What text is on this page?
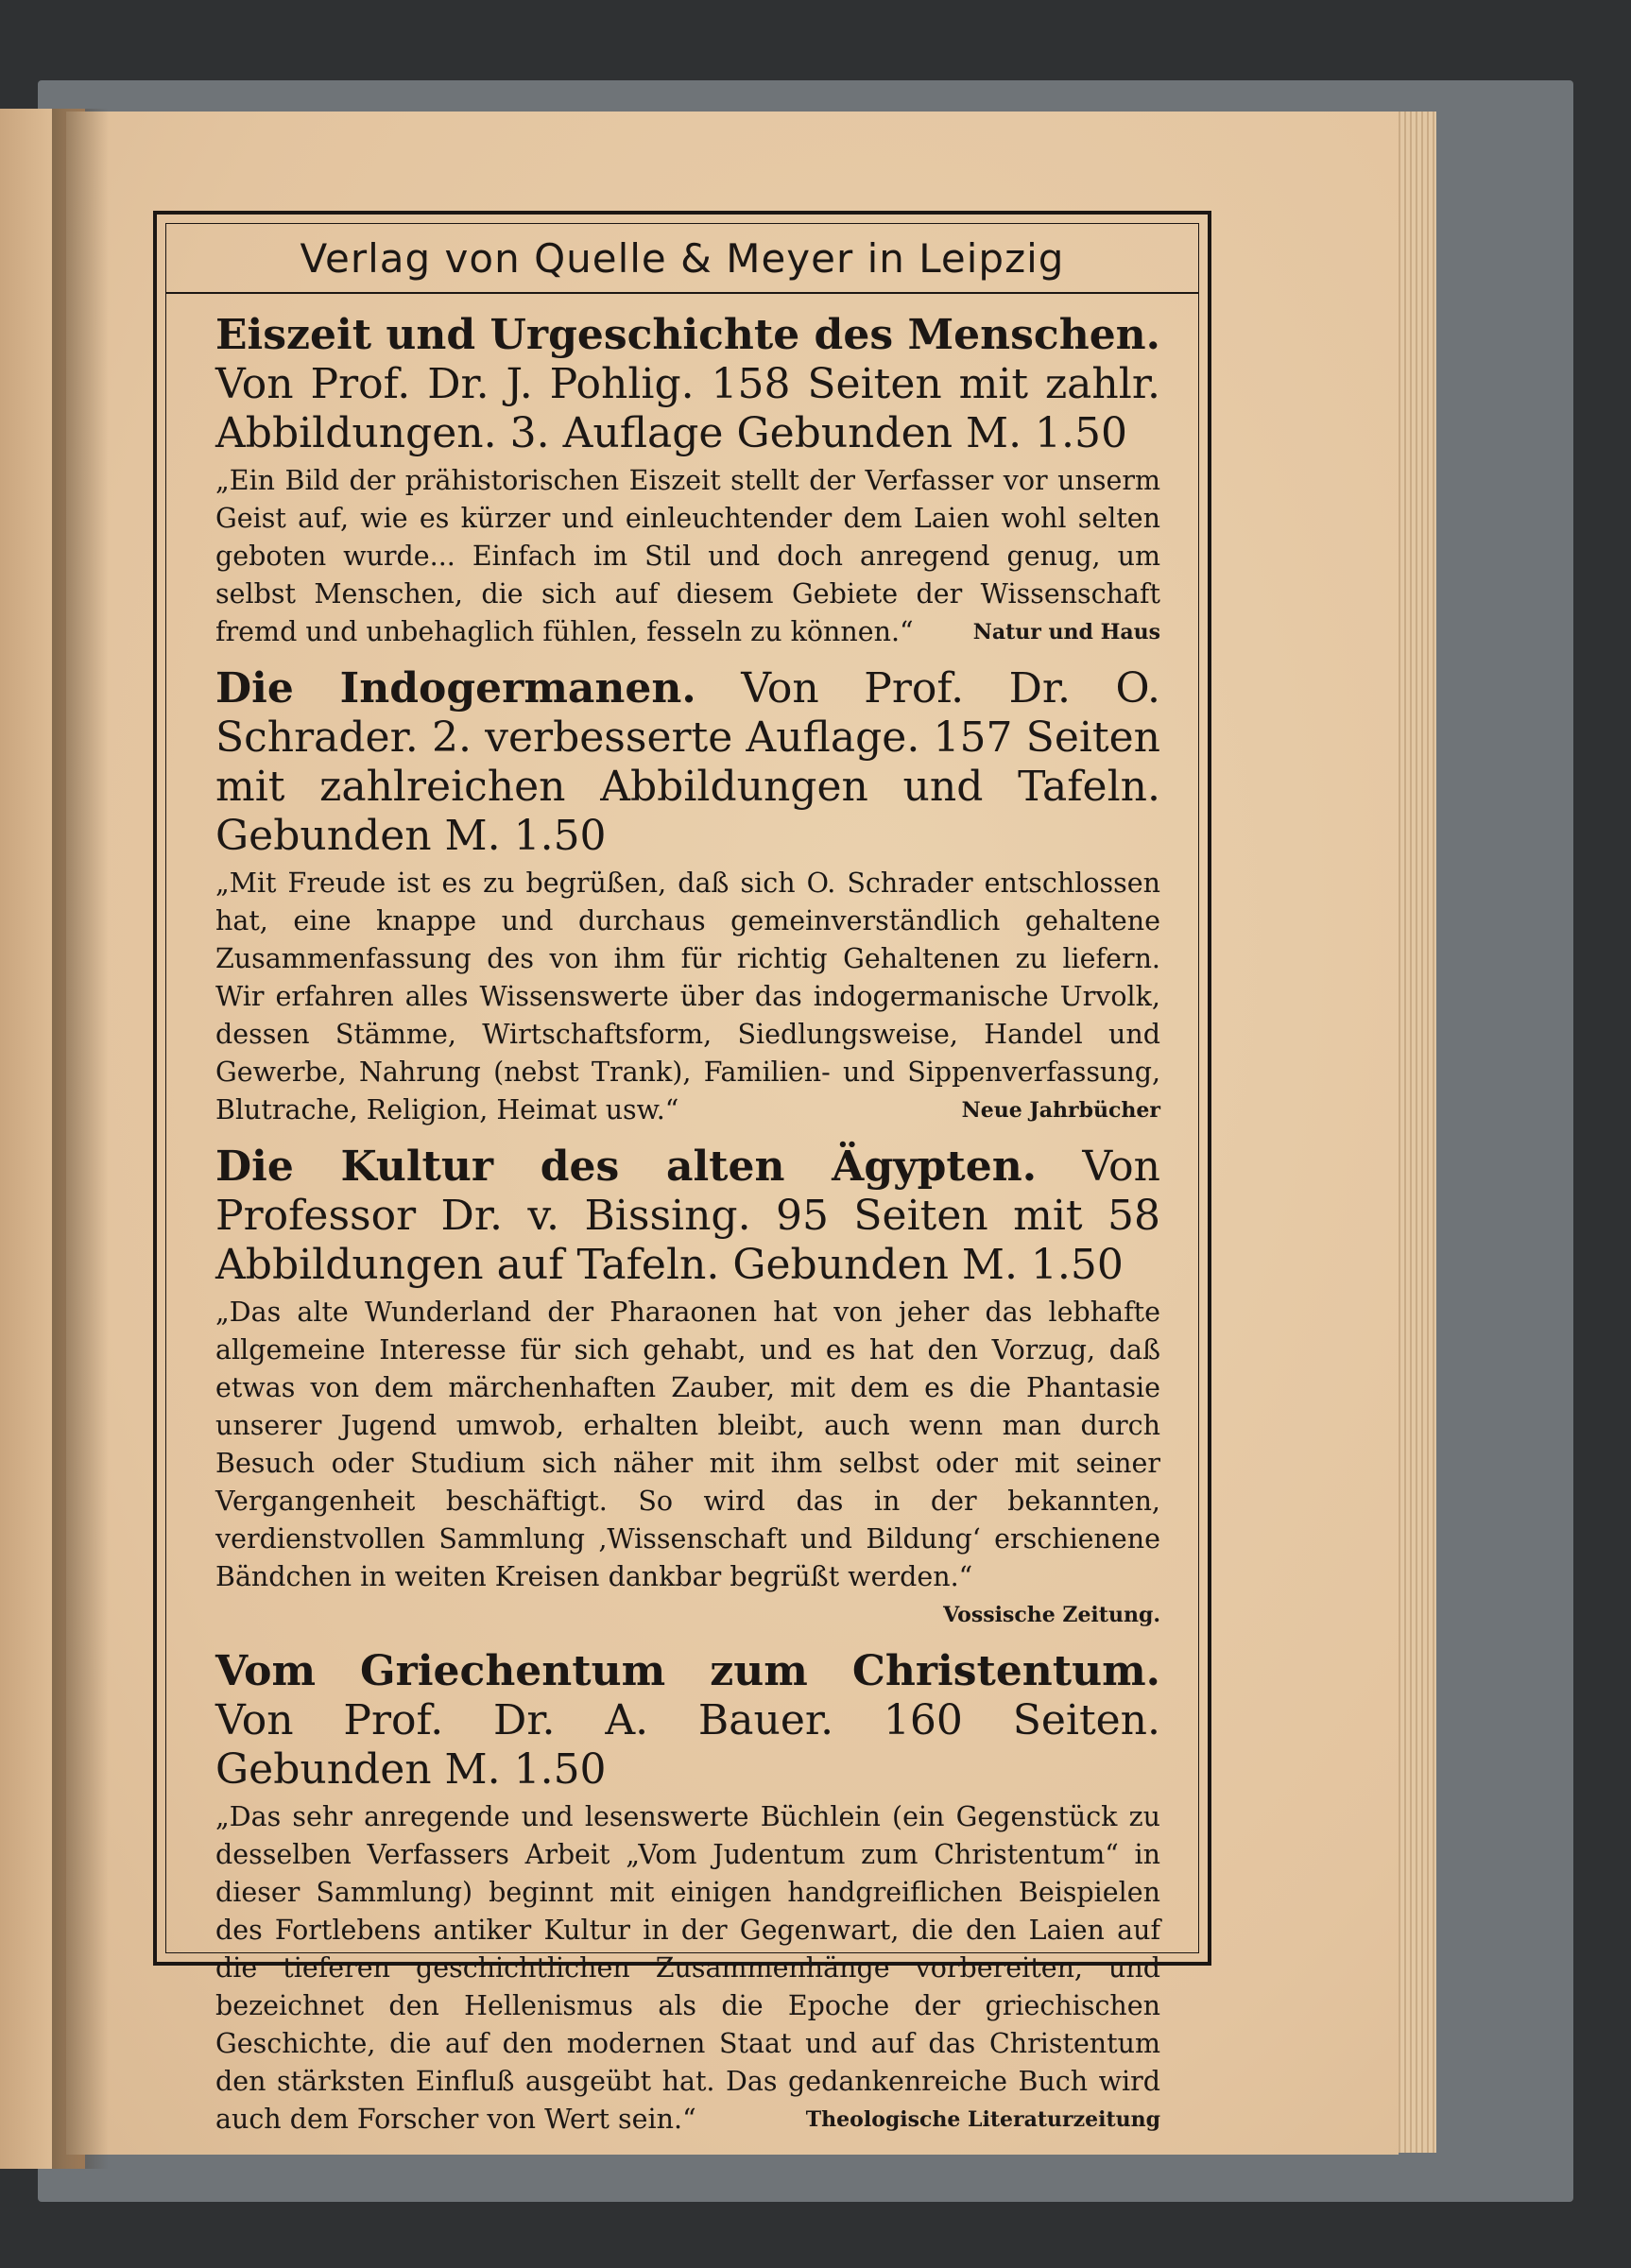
Verlag von Quelle & Meyer in Leipzig
Eiszeit und Urgeschichte des Menschen. Von Prof. Dr. J. Pohlig. 158 Seiten mit zahlr. Abbildungen. 3. Auflage Gebunden M. 1.50
„Ein Bild der prähistorischen Eiszeit stellt der Verfasser vor unserm Geist auf, wie es kürzer und einleuchtender dem Laien wohl selten geboten wurde... Einfach im Stil und doch anregend genug, um selbst Menschen, die sich auf diesem Gebiete der Wissenschaft fremd und unbehaglich fühlen, fesseln zu können.“	Natur und Haus
Die Indogermanen. Von Prof. Dr. O. Schrader. 2. verbesserte Auflage. 157 Seiten mit zahlreichen Abbildungen und Tafeln. Gebunden M. 1.50
„Mit Freude ist es zu begrüßen, daß sich O. Schrader entschlossen hat, eine knappe und durchaus gemeinverständlich gehaltene Zusammenfassung des von ihm für richtig Gehaltenen zu liefern. Wir erfahren alles Wissenswerte über das indogermanische Urvolk, dessen Stämme, Wirtschaftsform, Siedlungsweise, Handel und Gewerbe, Nahrung (nebst Trank), Familien- und Sippenverfassung, Blutrache, Religion, Heimat usw.“	Neue Jahrbücher
Die Kultur des alten Ägypten. Von Professor Dr. v. Bissing. 95 Seiten mit 58 Abbildungen auf Tafeln. Gebunden M. 1.50
„Das alte Wunderland der Pharaonen hat von jeher das lebhafte allgemeine Interesse für sich gehabt, und es hat den Vorzug, daß etwas von dem märchenhaften Zauber, mit dem es die Phantasie unserer Jugend umwob, erhalten bleibt, auch wenn man durch Besuch oder Studium sich näher mit ihm selbst oder mit seiner Vergangenheit beschäftigt. So wird das in der bekannten, verdienstvollen Sammlung ‚Wissenschaft und Bildung‘ erschienene Bändchen in weiten Kreisen dankbar begrüßt werden.“
Vossische Zeitung.
Vom Griechentum zum Christentum. Von Prof. Dr. A. Bauer. 160 Seiten. Gebunden M. 1.50
„Das sehr anregende und lesenswerte Büchlein (ein Gegenstück zu desselben Verfassers Arbeit „Vom Judentum zum Christentum“ in dieser Sammlung) beginnt mit einigen handgreiflichen Beispielen des Fortlebens antiker Kultur in der Gegenwart, die den Laien auf die tieferen geschichtlichen Zusammenhänge vorbereiten, und bezeichnet den Hellenismus als die Epoche der griechischen Geschichte, die auf den modernen Staat und auf das Christentum den stärksten Einfluß ausgeübt hat. Das gedankenreiche Buch wird auch dem Forscher von Wert sein.“	Theologische Literaturzeitung
